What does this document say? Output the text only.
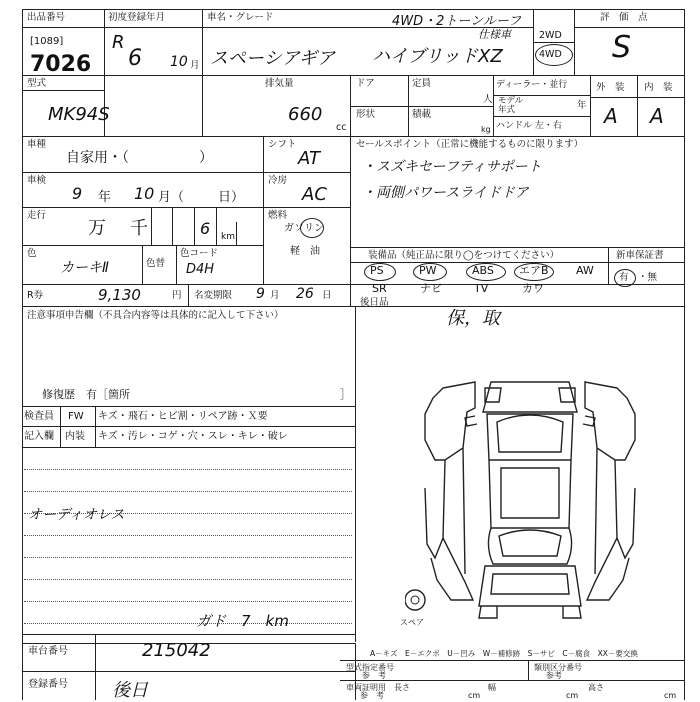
出品番号
[1089]
7026
初度登録年月
R
6 10 月
車名・グレード	4WD・2トーンルーフ
仕様車
スペーシアギア ハイブリッドXZ
2WD
4WD
評　価　点
S
型式
MK94S
排気量
660
cc
ドア
形状
定員
人
積載
kg
ディーラー・並行
モデル
年式	年
ハンドル 左・右
外　装 内　装
A A
車種
自家用・（　　　　　）
シフト
AT
車検
9 年 10 月（	日）
冷房
AC
走行
万 千	6 km
燃料
ガソリン
軽　油
色
カーキⅡ	色替
色コード
D4H
R券	9,130	円 名変期限 9 月 26 日
セールスポイント（正常に機能するものに限ります）
・スズキセーフティサポート
・両側パワースライドドア
装備品（純正品に限り◯をつけてください）	新車保証書
有 ・無
PS	PW	ABS エアB AW
SR	ナビ	TV	カワ
後日品
保，取
注意事項申告欄（不具合内容等は具体的に記入して下さい）
修復歴　有［箇所	］
検査員
記入欄
FW キズ・飛石・ヒビ割・リペア跡・Ｘ要
内装 キズ・汚レ・コゲ・穴・スレ・キレ・破レ
オーディオレス
ガド　7　km	スペア
車台番号	215042
登録番号 後日
A－キズ　E－エクボ　U－凹み　W－補修跡　S－サビ　C－腐食　XX－要交換
型式指定番号
参　考
類別区分番号
参考
車両証明用
参　考
長さ
cm
幅
cm
高さ
cm
